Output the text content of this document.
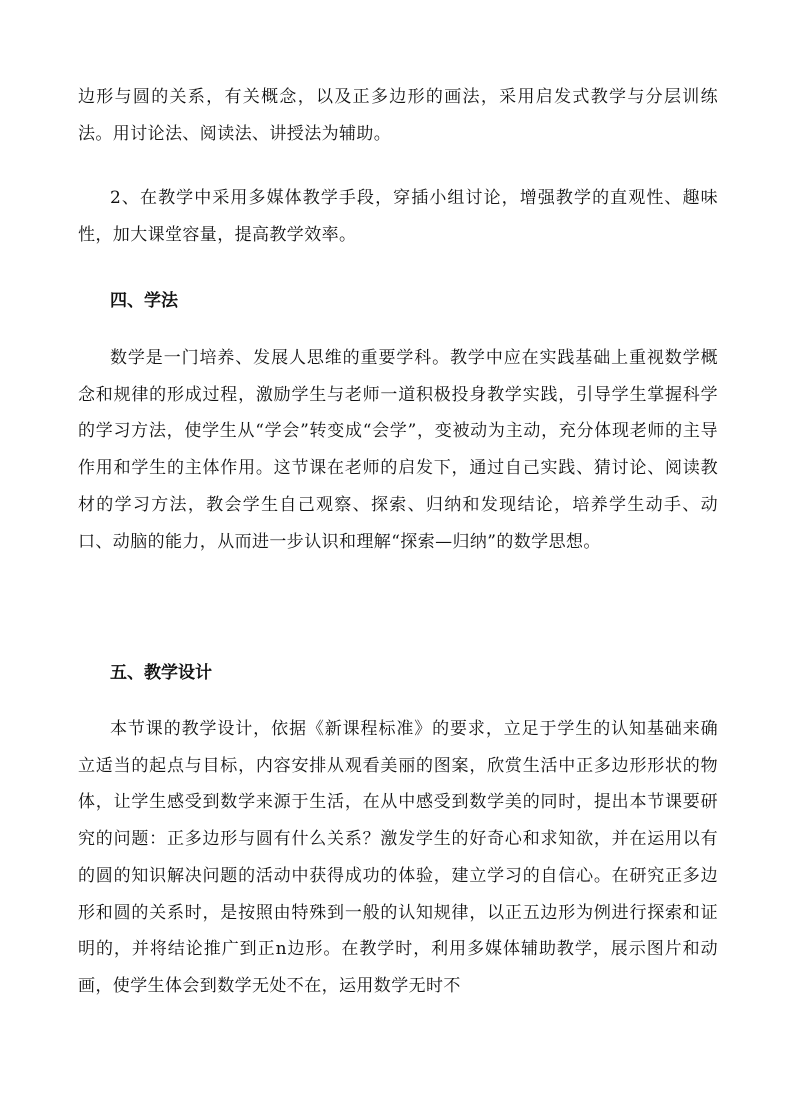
边形与圆的关系，有关概念，以及正多边形的画法，采用启发式教学与分层训练法。用讨论法、阅读法、讲授法为辅助。

2、在教学中采用多媒体教学手段，穿插小组讨论，增强教学的直观性、趣味性，加大课堂容量，提高教学效率。

四、学法

数学是一门培养、发展人思维的重要学科。教学中应在实践基础上重视数学概念和规律的形成过程，激励学生与老师一道积极投身教学实践，引导学生掌握科学的学习方法，使学生从“学会”转变成“会学”，变被动为主动，充分体现老师的主导作用和学生的主体作用。这节课在老师的启发下，通过自己实践、猜讨论、阅读教材的学习方法，教会学生自己观察、探索、归纳和发现结论，培养学生动手、动口、动脑的能力，从而进一步认识和理解“探索—归纳”的数学思想。

五、教学设计

本节课的教学设计，依据《新课程标准》的要求，立足于学生的认知基础来确立适当的起点与目标，内容安排从观看美丽的图案，欣赏生活中正多边形形状的物体，让学生感受到数学来源于生活，在从中感受到数学美的同时，提出本节课要研究的问题：正多边形与圆有什么关系？激发学生的好奇心和求知欲，并在运用以有的圆的知识解决问题的活动中获得成功的体验，建立学习的自信心。在研究正多边形和圆的关系时，是按照由特殊到一般的认知规律，以正五边形为例进行探索和证明的，并将结论推广到正n边形。在教学时，利用多媒体辅助教学，展示图片和动画，使学生体会到数学无处不在，运用数学无时不
